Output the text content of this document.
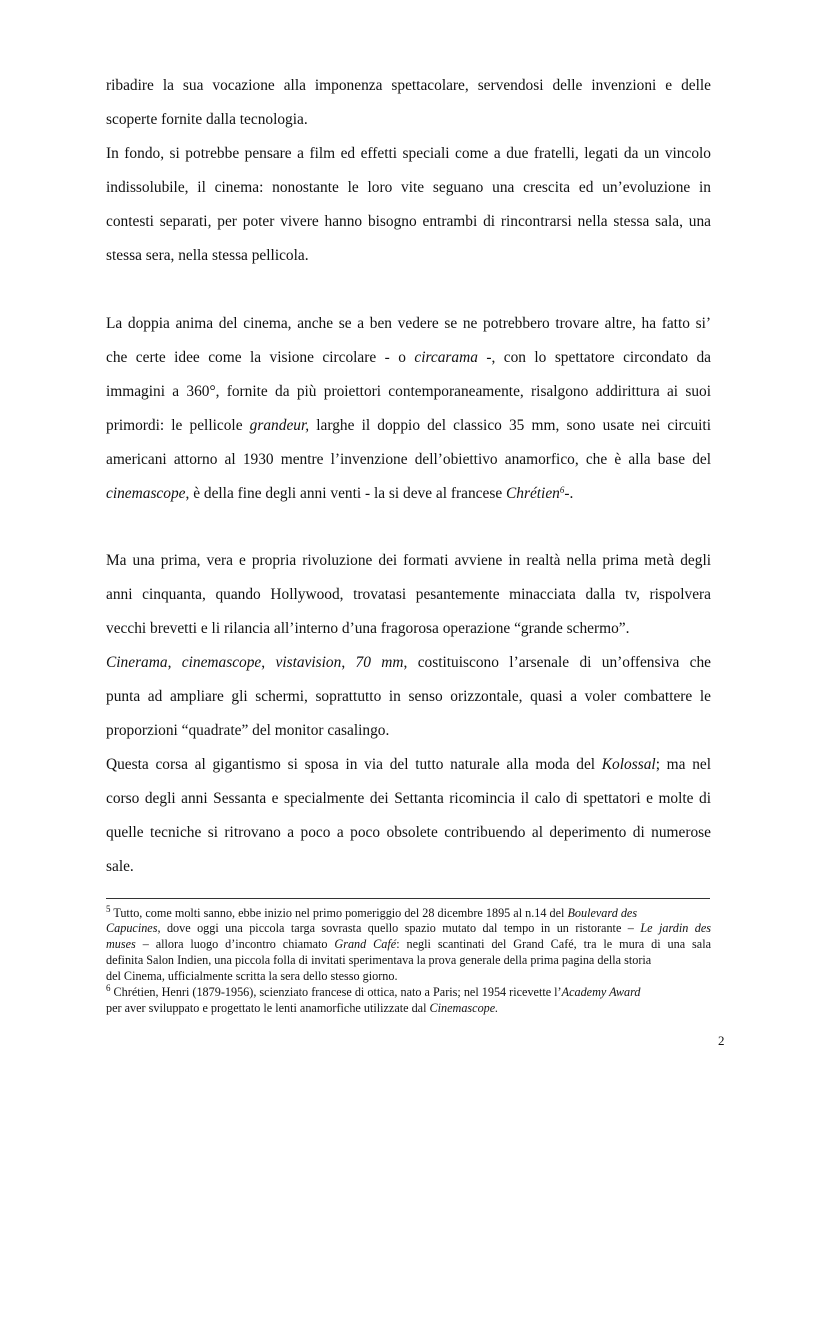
ribadire la sua vocazione alla imponenza spettacolare, servendosi delle invenzioni e delle
scoperte fornite dalla tecnologia.
In fondo, si potrebbe pensare a film ed effetti speciali come a due fratelli, legati da un vincolo
indissolubile, il cinema: nonostante le loro vite seguano una crescita ed un’evoluzione in
contesti separati, per poter vivere hanno bisogno entrambi di rincontrarsi nella stessa sala, una
stessa sera, nella stessa pellicola.
La doppia anima del cinema, anche se a ben vedere se ne potrebbero trovare altre, ha fatto si’
che certe idee come la visione circolare - o circarama -, con lo spettatore circondato da
immagini a 360°, fornite da più proiettori contemporaneamente, risalgono addirittura ai suoi
primordi: le pellicole grandeur, larghe il doppio del classico 35 mm, sono usate nei circuiti
americani attorno al 1930 mentre l’invenzione dell’obiettivo anamorfico, che è alla base del
cinemascope, è della fine degli anni venti - la si deve al francese Chrétien$^6$-.
Ma una prima, vera e propria rivoluzione dei formati avviene in realtà nella prima metà degli
anni cinquanta, quando Hollywood, trovatasi pesantemente minacciata dalla tv, rispolvera
vecchi brevetti e li rilancia all’interno d’una fragorosa operazione “grande schermo”.
Cinerama, cinemascope, vistavision, 70 mm, costituiscono l’arsenale di un’offensiva che
punta ad ampliare gli schermi, soprattutto in senso orizzontale, quasi a voler combattere le
proporzioni “quadrate” del monitor casalingo.
Questa corsa al gigantismo si sposa in via del tutto naturale alla moda del Kolossal; ma nel
corso degli anni Sessanta e specialmente dei Settanta ricomincia il calo di spettatori e molte di
quelle tecniche si ritrovano a poco a poco obsolete contribuendo al deperimento di numerose
sale.
$^5$ Tutto, come molti sanno, ebbe inizio nel primo pomeriggio del 28 dicembre 1895 al n.14 del Boulevard des
Capucines, dove oggi una piccola targa sovrasta quello spazio mutato dal tempo in un ristorante – Le jardin des
muses – allora luogo d’incontro chiamato Grand Café: negli scantinati del Grand Café, tra le mura di una sala
definita Salon Indien, una piccola folla di invitati sperimentava la prova generale della prima pagina della storia
del Cinema, ufficialmente scritta la sera dello stesso giorno.
$^6$ Chrétien, Henri (1879-1956), scienziato francese di ottica, nato a Paris; nel 1954 ricevette l’Academy Award
per aver sviluppato e progettato le lenti anamorfiche utilizzate dal Cinemascope.
2
